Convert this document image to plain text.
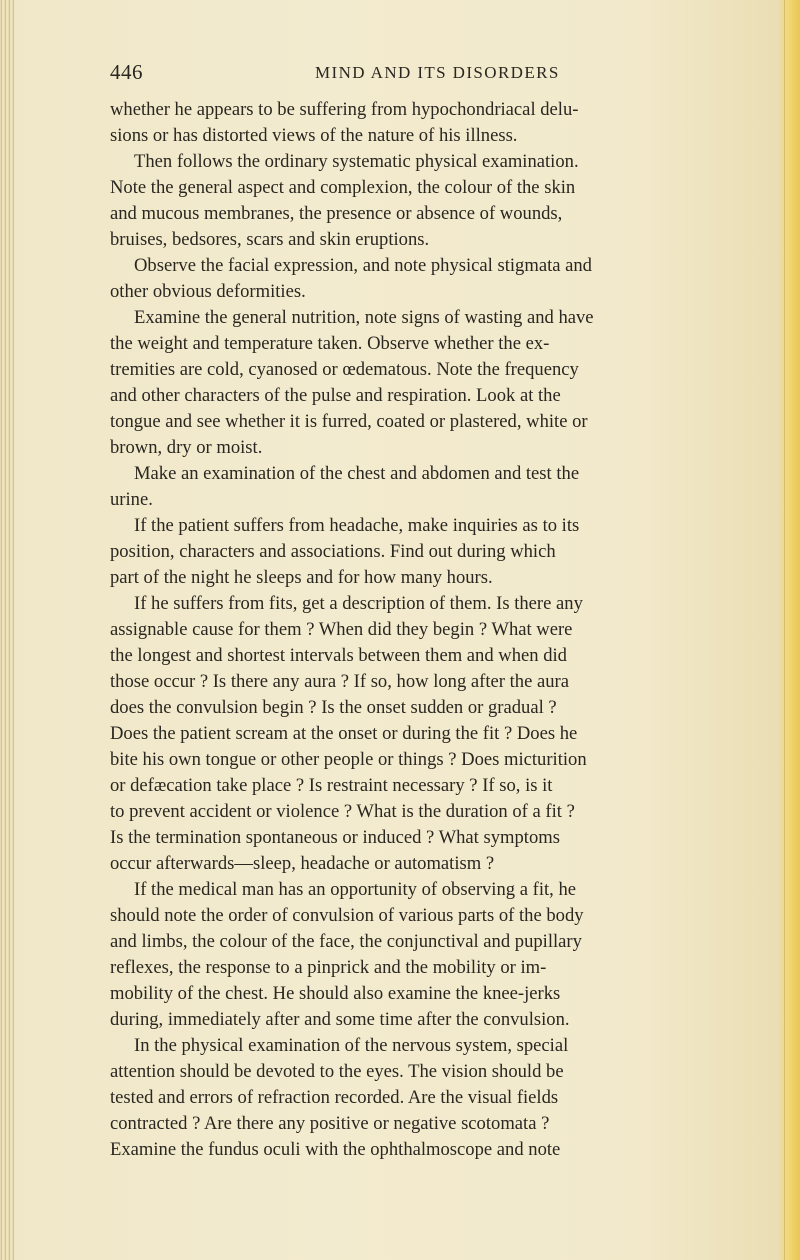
446	MIND AND ITS DISORDERS
whether he appears to be suffering from hypochondriacal delu-
sions or has distorted views of the nature of his illness.
Then follows the ordinary systematic physical examination.
Note the general aspect and complexion, the colour of the skin
and mucous membranes, the presence or absence of wounds,
bruises, bedsores, scars and skin eruptions.
Observe the facial expression, and note physical stigmata and
other obvious deformities.
Examine the general nutrition, note signs of wasting and have
the weight and temperature taken. Observe whether the ex-
tremities are cold, cyanosed or œdematous. Note the frequency
and other characters of the pulse and respiration. Look at the
tongue and see whether it is furred, coated or plastered, white or
brown, dry or moist.
Make an examination of the chest and abdomen and test the
urine.
If the patient suffers from headache, make inquiries as to its
position, characters and associations. Find out during which
part of the night he sleeps and for how many hours.
If he suffers from fits, get a description of them. Is there any
assignable cause for them ? When did they begin ? What were
the longest and shortest intervals between them and when did
those occur ? Is there any aura ? If so, how long after the aura
does the convulsion begin ? Is the onset sudden or gradual ?
Does the patient scream at the onset or during the fit ? Does he
bite his own tongue or other people or things ? Does micturition
or defæcation take place ? Is restraint necessary ? If so, is it
to prevent accident or violence ? What is the duration of a fit ?
Is the termination spontaneous or induced ? What symptoms
occur afterwards—sleep, headache or automatism ?
If the medical man has an opportunity of observing a fit, he
should note the order of convulsion of various parts of the body
and limbs, the colour of the face, the conjunctival and pupillary
reflexes, the response to a pinprick and the mobility or im-
mobility of the chest. He should also examine the knee-jerks
during, immediately after and some time after the convulsion.
In the physical examination of the nervous system, special
attention should be devoted to the eyes. The vision should be
tested and errors of refraction recorded. Are the visual fields
contracted ? Are there any positive or negative scotomata ?
Examine the fundus oculi with the ophthalmoscope and note
